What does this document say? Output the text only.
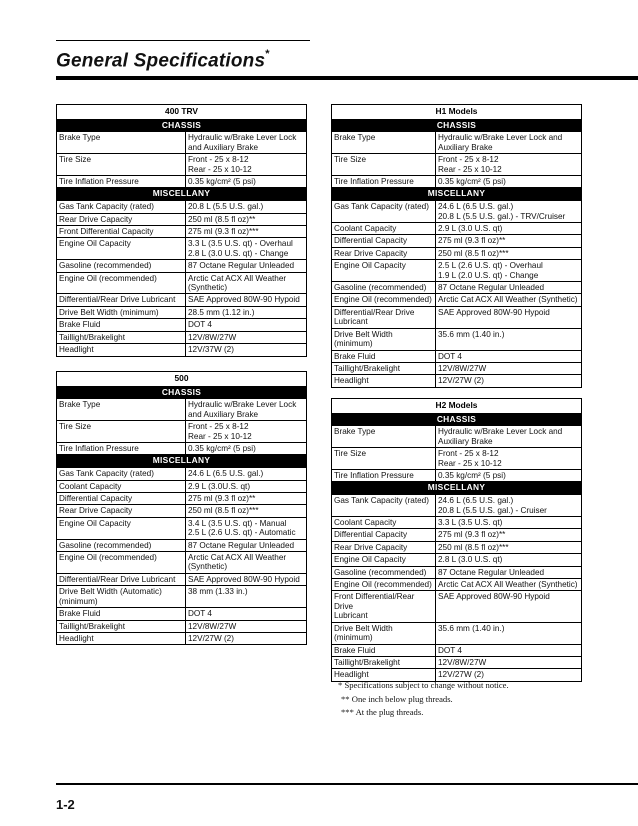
General Specifications*
400 TRV	
CHASSIS	

Brake Type	Hydraulic w/Brake Lever Lock
and Auxiliary Brake

Tire Size	Front - 25 x 8-12
Rear - 25 x 10-12

Tire Inflation Pressure	0.35 kg/cm² (5 psi)

MISCELLANY	

Gas Tank Capacity (rated)	20.8 L (5.5 U.S. gal.)

Rear Drive Capacity	250 ml (8.5 fl oz)**

Front Differential Capacity	275 ml (9.3 fl oz)***

Engine Oil Capacity	3.3 L (3.5 U.S. qt) - Overhaul
2.8 L (3.0 U.S. qt) - Change

Gasoline (recommended)	87 Octane Regular Unleaded

Engine Oil (recommended)	Arctic Cat ACX All Weather
(Synthetic)

Differential/Rear Drive Lubricant	SAE Approved 80W-90 Hypoid

Drive Belt Width (minimum)	28.5 mm (1.12 in.)

Brake Fluid	DOT 4

Taillight/Brakelight	12V/8W/27W

Headlight	12V/37W (2)
500	
CHASSIS	

Brake Type	Hydraulic w/Brake Lever Lock
and Auxiliary Brake

Tire Size	Front - 25 x 8-12
Rear - 25 x 10-12

Tire Inflation Pressure	0.35 kg/cm² (5 psi)

MISCELLANY	

Gas Tank Capacity (rated)	24.6 L (6.5 U.S. gal.)

Coolant Capacity	2.9 L (3.0U.S. qt)

Differential Capacity	275 ml (9.3 fl oz)**

Rear Drive Capacity	250 ml (8.5 fl oz)***

Engine Oil Capacity	3.4 L (3.5 U.S. qt) - Manual
2.5 L (2.6 U.S. qt) - Automatic

Gasoline (recommended)	87 Octane Regular Unleaded

Engine Oil (recommended)	Arctic Cat ACX All Weather
(Synthetic)

Differential/Rear Drive Lubricant	SAE Approved 80W-90 Hypoid

Drive Belt Width (Automatic)
(minimum)	38 mm (1.33 in.)

Brake Fluid	DOT 4

Taillight/Brakelight	12V/8W/27W

Headlight	12V/27W (2)
H1 Models	
CHASSIS	

Brake Type	Hydraulic w/Brake Lever Lock and
Auxiliary Brake

Tire Size	Front - 25 x 8-12
Rear - 25 x 10-12

Tire Inflation Pressure	0.35 kg/cm² (5 psi)

MISCELLANY	

Gas Tank Capacity (rated)	24.6 L (6.5 U.S. gal.)
20.8 L (5.5 U.S. gal.) - TRV/Cruiser

Coolant Capacity	2.9 L (3.0 U.S. qt)

Differential Capacity	275 ml (9.3 fl oz)**

Rear Drive Capacity	250 ml (8.5 fl oz)***

Engine Oil Capacity	2.5 L (2.6 U.S. qt) - Overhaul
1.9 L (2.0 U.S. qt) - Change

Gasoline (recommended)	87 Octane Regular Unleaded

Engine Oil (recommended)	Arctic Cat ACX All Weather (Synthetic)

Differential/Rear Drive
Lubricant	SAE Approved 80W-90 Hypoid

Drive Belt Width (minimum)	35.6 mm (1.40 in.)

Brake Fluid	DOT 4

Taillight/Brakelight	12V/8W/27W

Headlight	12V/27W (2)
H2 Models	
CHASSIS	

Brake Type	Hydraulic w/Brake Lever Lock and
Auxiliary Brake

Tire Size	Front - 25 x 8-12
Rear - 25 x 10-12

Tire Inflation Pressure	0.35 kg/cm² (5 psi)

MISCELLANY	

Gas Tank Capacity (rated)	24.6 L (6.5 U.S. gal.)
20.8 L (5.5 U.S. gal.) - Cruiser

Coolant Capacity	3.3 L (3.5 U.S. qt)

Differential Capacity	275 ml (9.3 fl oz)**

Rear Drive Capacity	250 ml (8.5 fl oz)***

Engine Oil Capacity	2.8 L (3.0 U.S. qt)

Gasoline (recommended)	87 Octane Regular Unleaded

Engine Oil (recommended)	Arctic Cat ACX All Weather (Synthetic)

Front Differential/Rear Drive
Lubricant	SAE Approved 80W-90 Hypoid

Drive Belt Width (minimum)	35.6 mm (1.40 in.)

Brake Fluid	DOT 4

Taillight/Brakelight	12V/8W/27W

Headlight	12V/27W (2)
* Specifications subject to change without notice.
** One inch below plug threads.
*** At the plug threads.
1-2
